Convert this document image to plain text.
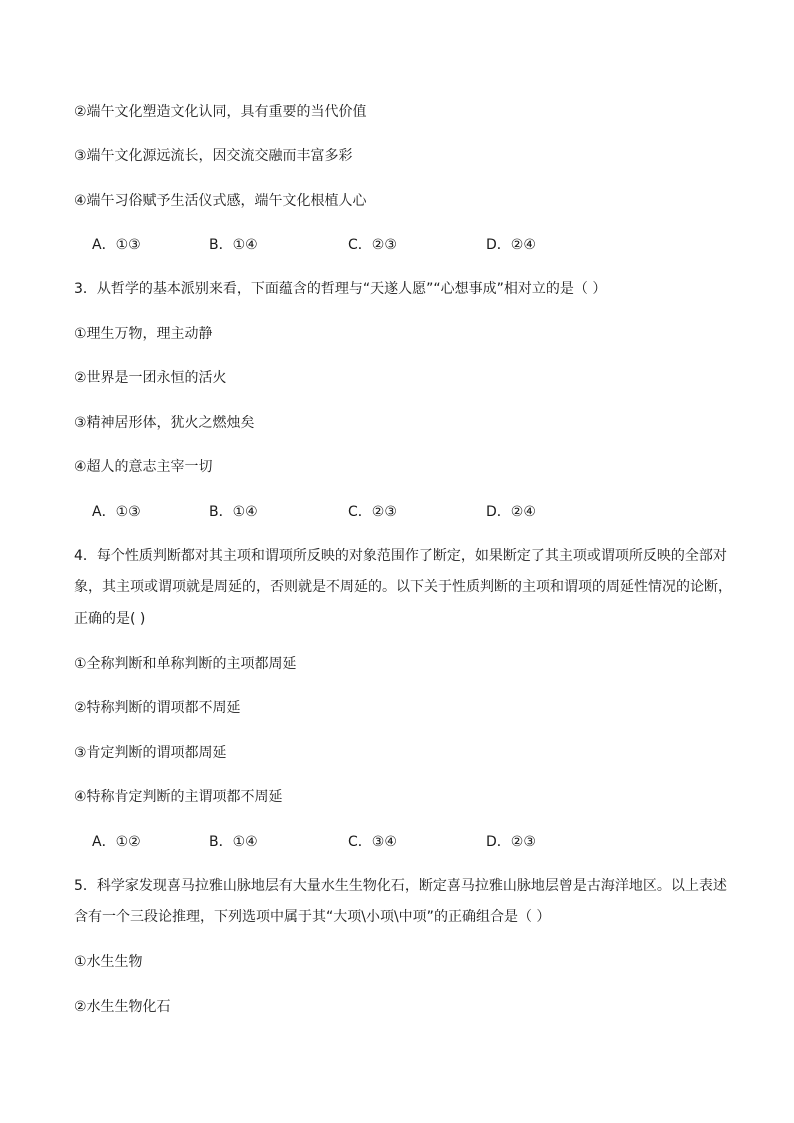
②端午文化塑造文化认同，具有重要的当代价值
③端午文化源远流长，因交流交融而丰富多彩
④端午习俗赋予生活仪式感，端午文化根植人心
A．①③	B．①④	C．②③	D．②④
3．从哲学的基本派别来看，下面蕴含的哲理与“天遂人愿”“心想事成”相对立的是（ ）
①理生万物，理主动静
②世界是一团永恒的活火
③精神居形体，犹火之燃烛矣
④超人的意志主宰一切
A．①③	B．①④	C．②③	D．②④
4．每个性质判断都对其主项和谓项所反映的对象范围作了断定，如果断定了其主项或谓项所反映的全部对
象，其主项或谓项就是周延的，否则就是不周延的。以下关于性质判断的主项和谓项的周延性情况的论断，
正确的是( )
①全称判断和单称判断的主项都周延
②特称判断的谓项都不周延
③肯定判断的谓项都周延
④特称肯定判断的主谓项都不周延
A．①②	B．①④	C．③④	D．②③
5．科学家发现喜马拉雅山脉地层有大量水生生物化石，断定喜马拉雅山脉地层曾是古海洋地区。以上表述
含有一个三段论推理，下列选项中属于其“大项\小项\中项”的正确组合是（ ）
①水生生物
②水生生物化石
